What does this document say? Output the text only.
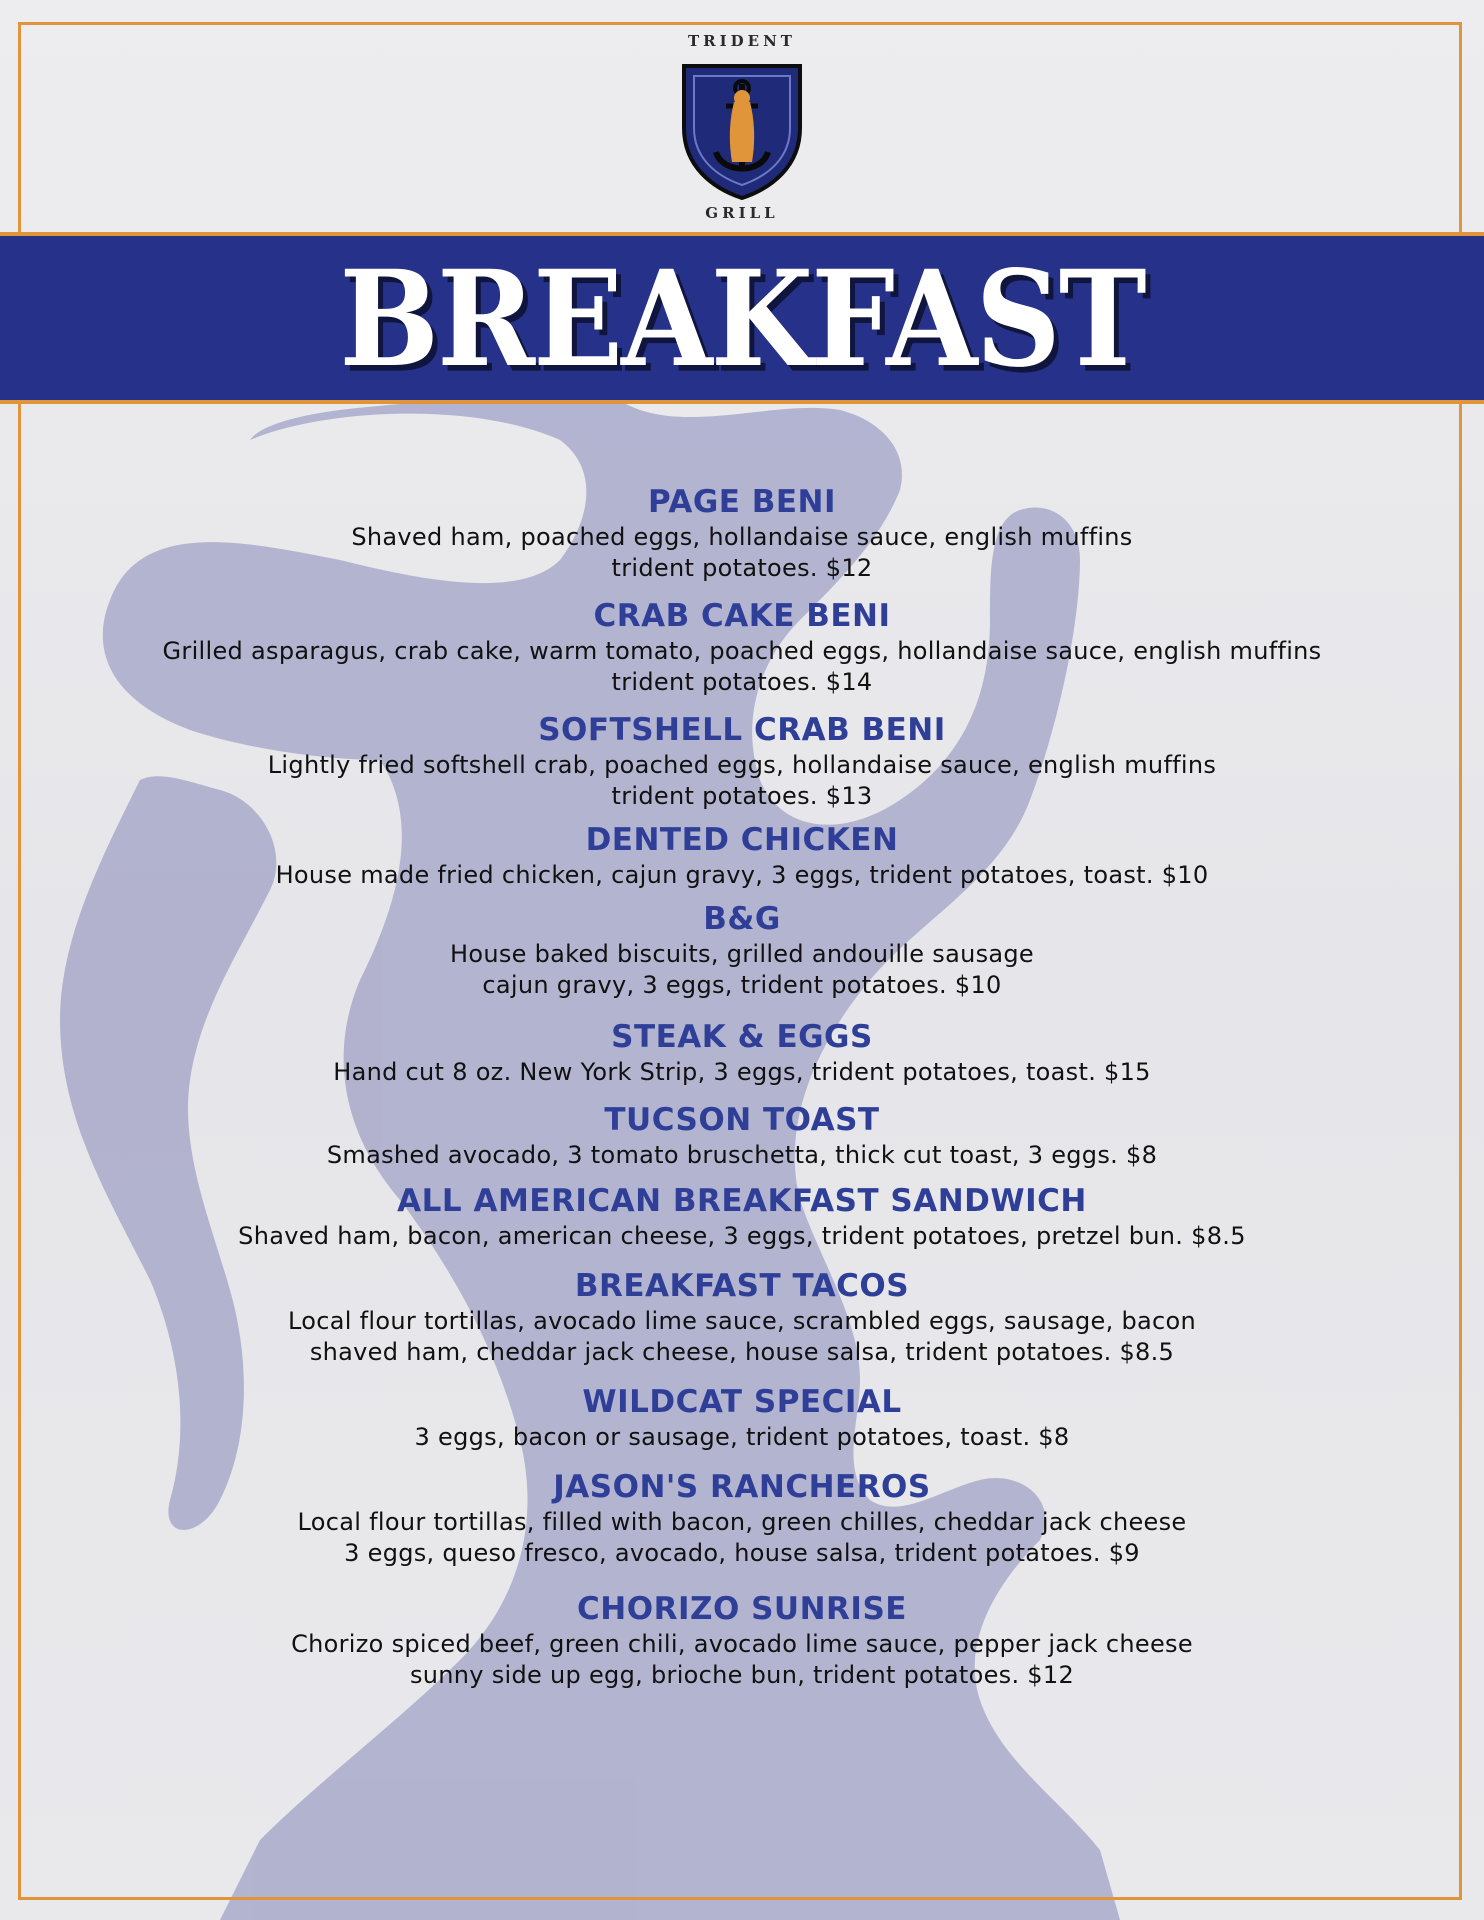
TRIDENT
GRILL
BREAKFAST
PAGE BENI
Shaved ham, poached eggs, hollandaise sauce, english muffins
trident potatoes. $12
CRAB CAKE BENI
Grilled asparagus, crab cake, warm tomato, poached eggs, hollandaise sauce, english muffins
trident potatoes. $14
SOFTSHELL CRAB BENI
Lightly fried softshell crab, poached eggs, hollandaise sauce, english muffins
trident potatoes. $13
DENTED CHICKEN
House made fried chicken, cajun gravy, 3 eggs, trident potatoes, toast. $10
B&G
House baked biscuits, grilled andouille sausage
cajun gravy, 3 eggs, trident potatoes. $10
STEAK & EGGS
Hand cut 8 oz. New York Strip, 3 eggs, trident potatoes, toast. $15
TUCSON TOAST
Smashed avocado, 3 tomato bruschetta, thick cut toast, 3 eggs. $8
ALL AMERICAN BREAKFAST SANDWICH
Shaved ham, bacon, american cheese, 3 eggs, trident potatoes, pretzel bun. $8.5
BREAKFAST TACOS
Local flour tortillas, avocado lime sauce, scrambled eggs, sausage, bacon
shaved ham, cheddar jack cheese, house salsa, trident potatoes. $8.5
WILDCAT SPECIAL
3 eggs, bacon or sausage, trident potatoes, toast. $8
JASON'S RANCHEROS
Local flour tortillas, filled with bacon, green chilles, cheddar jack cheese
3 eggs, queso fresco, avocado, house salsa, trident potatoes. $9
CHORIZO SUNRISE
Chorizo spiced beef, green chili, avocado lime sauce, pepper jack cheese
sunny side up egg, brioche bun, trident potatoes. $12
